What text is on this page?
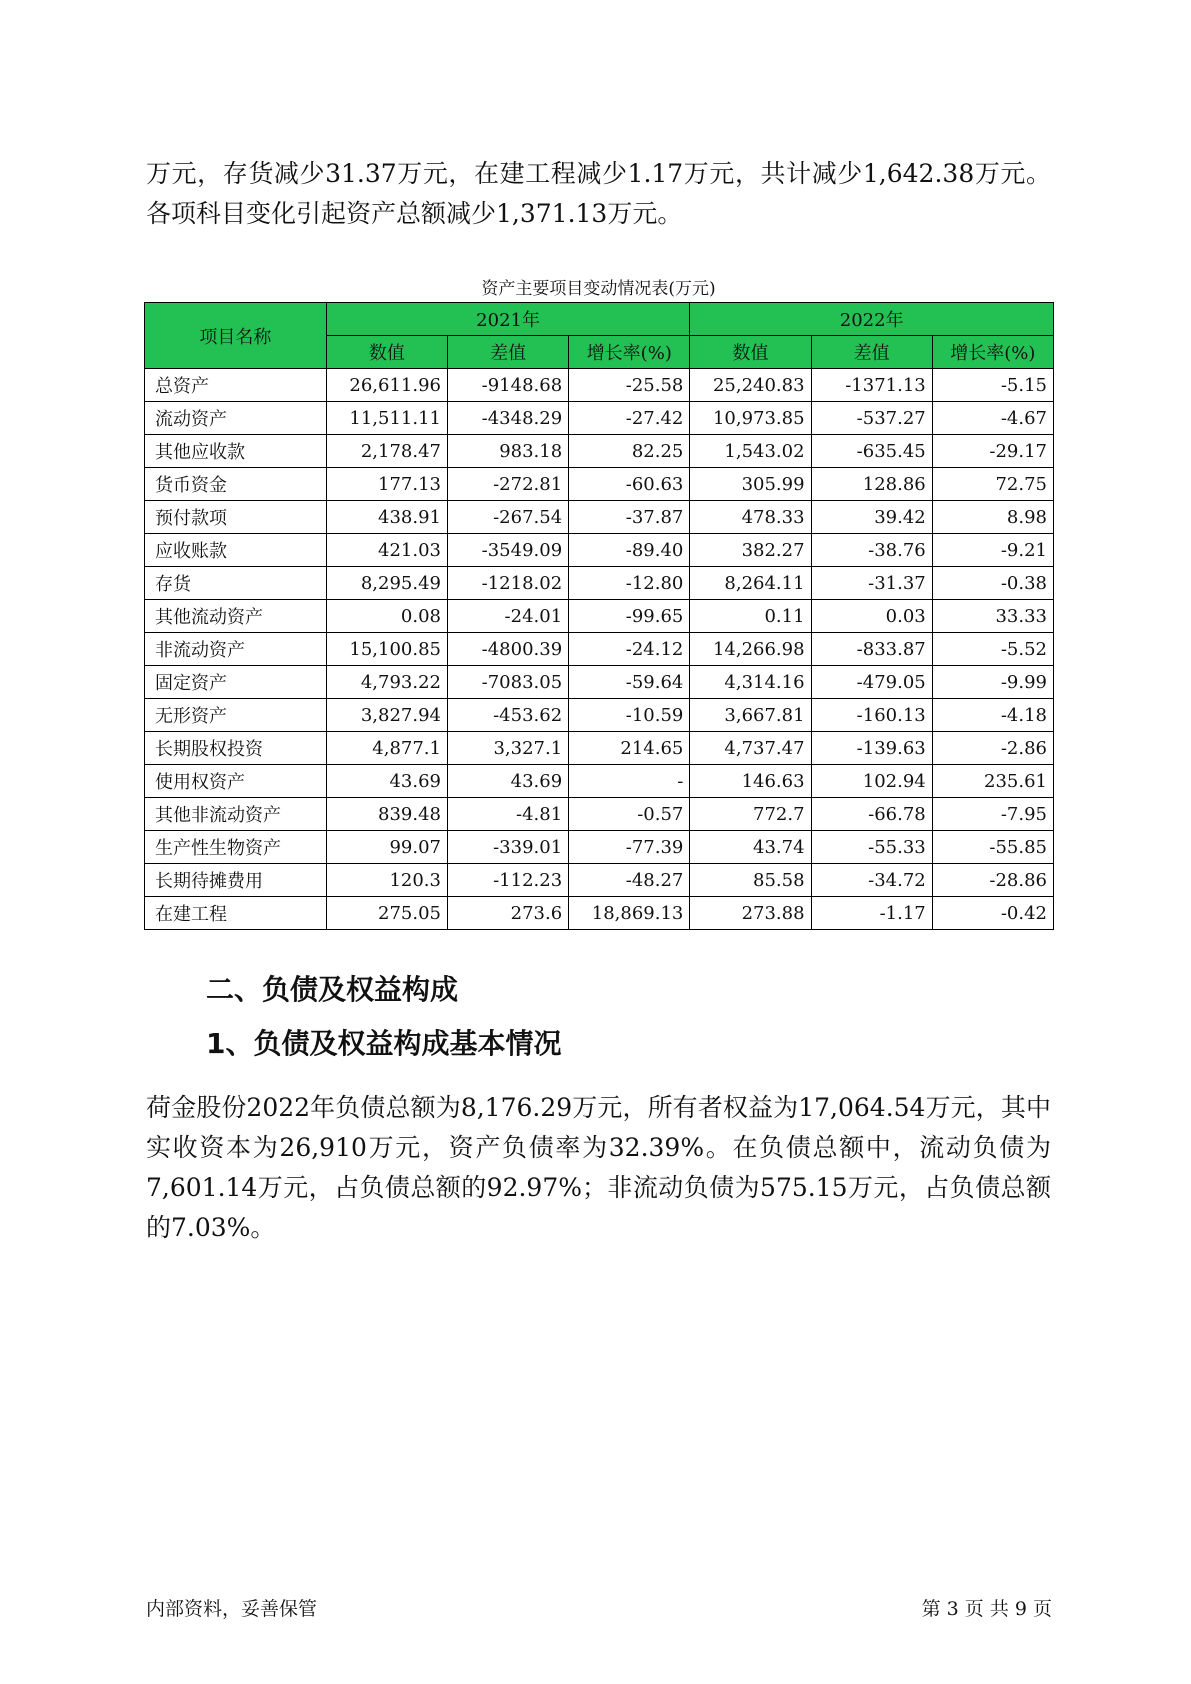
万元，存货减少31.37万元，在建工程减少1.17万元，共计减少1,642.38万元。各项科目变化引起资产总额减少1,371.13万元。

资产主要项目变动情况表(万元)
项目名称	2021年			2022年		
	数值	差值	增长率(%)	数值	差值	增长率(%)
总资产	26,611.96	-9148.68	-25.58	25,240.83	-1371.13	-5.15
流动资产	11,511.11	-4348.29	-27.42	10,973.85	-537.27	-4.67
其他应收款	2,178.47	983.18	82.25	1,543.02	-635.45	-29.17
货币资金	177.13	-272.81	-60.63	305.99	128.86	72.75
预付款项	438.91	-267.54	-37.87	478.33	39.42	8.98
应收账款	421.03	-3549.09	-89.40	382.27	-38.76	-9.21
存货	8,295.49	-1218.02	-12.80	8,264.11	-31.37	-0.38
其他流动资产	0.08	-24.01	-99.65	0.11	0.03	33.33
非流动资产	15,100.85	-4800.39	-24.12	14,266.98	-833.87	-5.52
固定资产	4,793.22	-7083.05	-59.64	4,314.16	-479.05	-9.99
无形资产	3,827.94	-453.62	-10.59	3,667.81	-160.13	-4.18
长期股权投资	4,877.1	3,327.1	214.65	4,737.47	-139.63	-2.86
使用权资产	43.69	43.69	-	146.63	102.94	235.61
其他非流动资产	839.48	-4.81	-0.57	772.7	-66.78	-7.95
生产性生物资产	99.07	-339.01	-77.39	43.74	-55.33	-55.85
长期待摊费用	120.3	-112.23	-48.27	85.58	-34.72	-28.86
在建工程	275.05	273.6	18,869.13	273.88	-1.17	-0.42
二、负债及权益构成
1、负债及权益构成基本情况

荷金股份2022年负债总额为8,176.29万元，所有者权益为17,064.54万元，其中实收资本为26,910万元，资产负债率为32.39%。在负债总额中，流动负债为7,601.14万元，占负债总额的92.97%；非流动负债为575.15万元，占负债总额的7.03%。

内部资料，妥善保管	第 3 页 共 9 页
